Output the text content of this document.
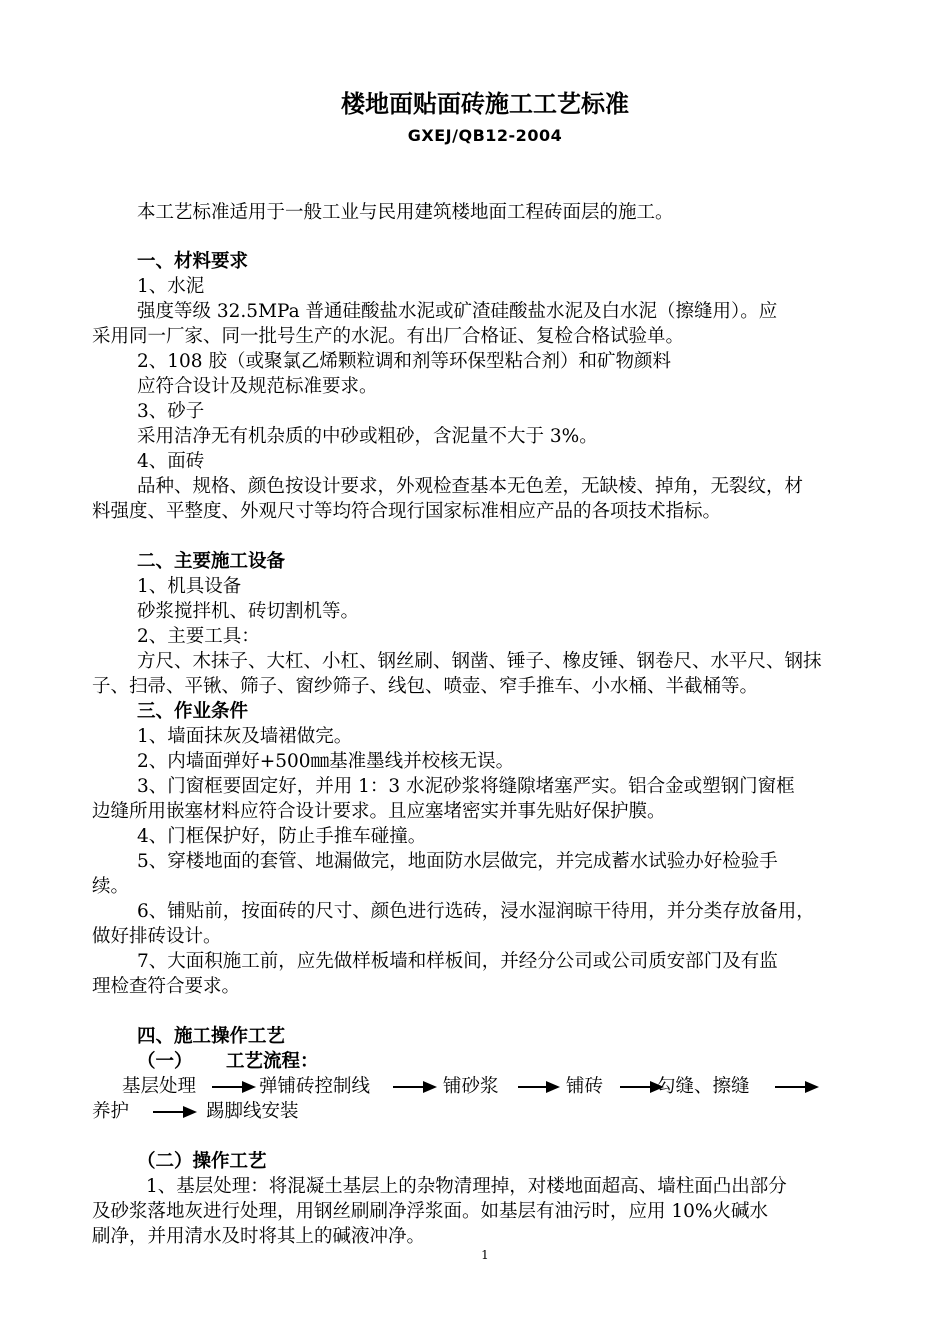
楼地面贴面砖施工工艺标准
GXEJ/QB12-2004
本工艺标准适用于一般工业与民用建筑楼地面工程砖面层的施工。
一、材料要求
1、水泥
强度等级 32.5MPa 普通硅酸盐水泥或矿渣硅酸盐水泥及白水泥（擦缝用）。应
采用同一厂家、同一批号生产的水泥。有出厂合格证、复检合格试验单。
2、108 胶（或聚氯乙烯颗粒调和剂等环保型粘合剂）和矿物颜料
应符合设计及规范标准要求。
3、砂子
采用洁净无有机杂质的中砂或粗砂，含泥量不大于 3%。
4、面砖
品种、规格、颜色按设计要求，外观检查基本无色差，无缺棱、掉角，无裂纹，材
料强度、平整度、外观尺寸等均符合现行国家标准相应产品的各项技术指标。
二、主要施工设备
1、机具设备
砂浆搅拌机、砖切割机等。
2、主要工具：
方尺、木抹子、大杠、小杠、钢丝刷、钢凿、锤子、橡皮锤、钢卷尺、水平尺、钢抹
子、扫帚、平锹、筛子、窗纱筛子、线包、喷壶、窄手推车、小水桶、半截桶等。
三、作业条件
1、墙面抹灰及墙裙做完。
2、内墙面弹好+500㎜基准墨线并校核无误。
3、门窗框要固定好，并用 1：3 水泥砂浆将缝隙堵塞严实。铝合金或塑钢门窗框
边缝所用嵌塞材料应符合设计要求。且应塞堵密实并事先贴好保护膜。
4、门框保护好，防止手推车碰撞。
5、穿楼地面的套管、地漏做完，地面防水层做完，并完成蓄水试验办好检验手
续。
6、铺贴前，按面砖的尺寸、颜色进行选砖，浸水湿润晾干待用，并分类存放备用，
做好排砖设计。
7、大面积施工前，应先做样板墙和样板间，并经分公司或公司质安部门及有监
理检查符合要求。
四、施工操作工艺
（一） 工艺流程：
基层处理	弹铺砖控制线	铺砂浆	铺砖	勾缝、擦缝
养护	踢脚线安装
（二）操作工艺
1、基层处理：将混凝土基层上的杂物清理掉，对楼地面超高、墙柱面凸出部分
及砂浆落地灰进行处理，用钢丝刷刷净浮浆面。如基层有油污时，应用 10%火碱水
刷净，并用清水及时将其上的碱液冲净。
1
